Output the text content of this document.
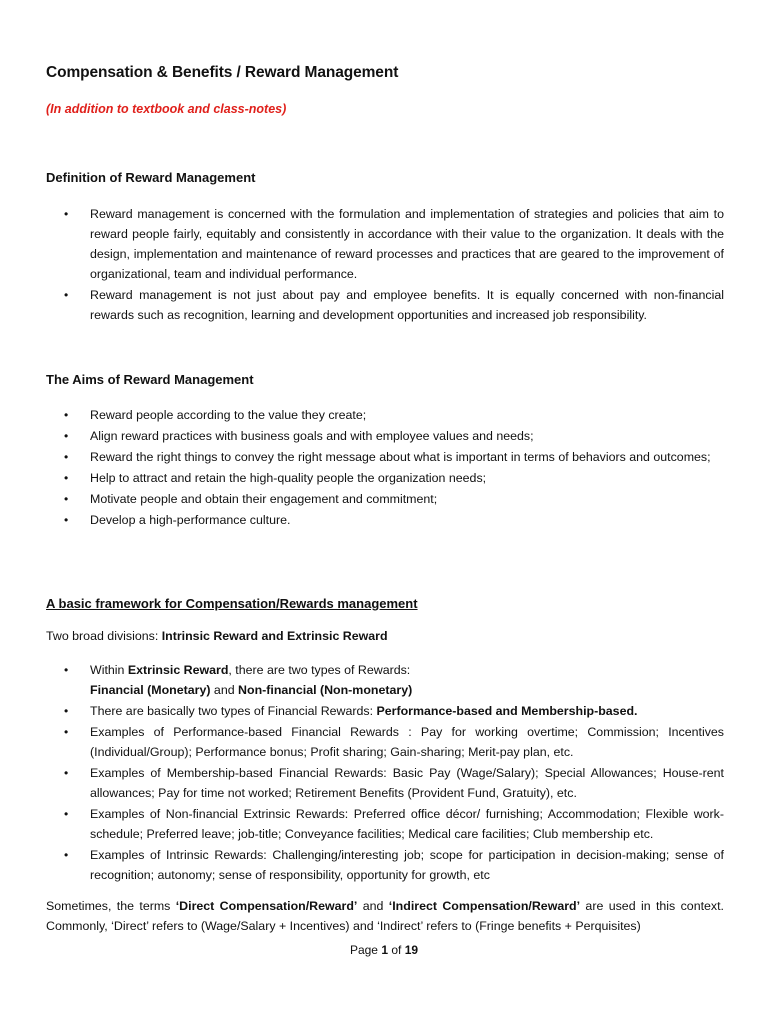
Compensation & Benefits / Reward Management
(In addition to textbook and class-notes)
Definition of Reward Management
• Reward management is concerned with the formulation and implementation of strategies and policies that aim to reward people fairly, equitably and consistently in accordance with their value to the organization. It deals with the design, implementation and maintenance of reward processes and practices that are geared to the improvement of organizational, team and individual performance.
• Reward management is not just about pay and employee benefits. It is equally concerned with non-financial rewards such as recognition, learning and development opportunities and increased job responsibility.
The Aims of Reward Management
• Reward people according to the value they create;
• Align reward practices with business goals and with employee values and needs;
• Reward the right things to convey the right message about what is important in terms of behaviors and outcomes;
• Help to attract and retain the high-quality people the organization needs;
• Motivate people and obtain their engagement and commitment;
• Develop a high-performance culture.
A basic framework for Compensation/Rewards management
Two broad divisions: Intrinsic Reward and Extrinsic Reward
• Within Extrinsic Reward, there are two types of Rewards:
Financial (Monetary) and Non-financial (Non-monetary)
• There are basically two types of Financial Rewards: Performance-based and Membership-based.
• Examples of Performance-based Financial Rewards : Pay for working overtime; Commission; Incentives (Individual/Group); Performance bonus; Profit sharing; Gain-sharing; Merit-pay plan, etc.
• Examples of Membership-based Financial Rewards: Basic Pay (Wage/Salary); Special Allowances; House-rent allowances; Pay for time not worked; Retirement Benefits (Provident Fund, Gratuity), etc.
• Examples of Non-financial Extrinsic Rewards: Preferred office décor/ furnishing; Accommodation; Flexible work-schedule; Preferred leave; job-title; Conveyance facilities; Medical care facilities; Club membership etc.
• Examples of Intrinsic Rewards: Challenging/interesting job; scope for participation in decision-making; sense of recognition; autonomy; sense of responsibility, opportunity for growth, etc
Sometimes, the terms ‘Direct Compensation/Reward’ and ‘Indirect Compensation/Reward’ are used in this context. Commonly, ‘Direct’ refers to (Wage/Salary + Incentives) and ‘Indirect’ refers to (Fringe benefits + Perquisites)
Page 1 of 19
